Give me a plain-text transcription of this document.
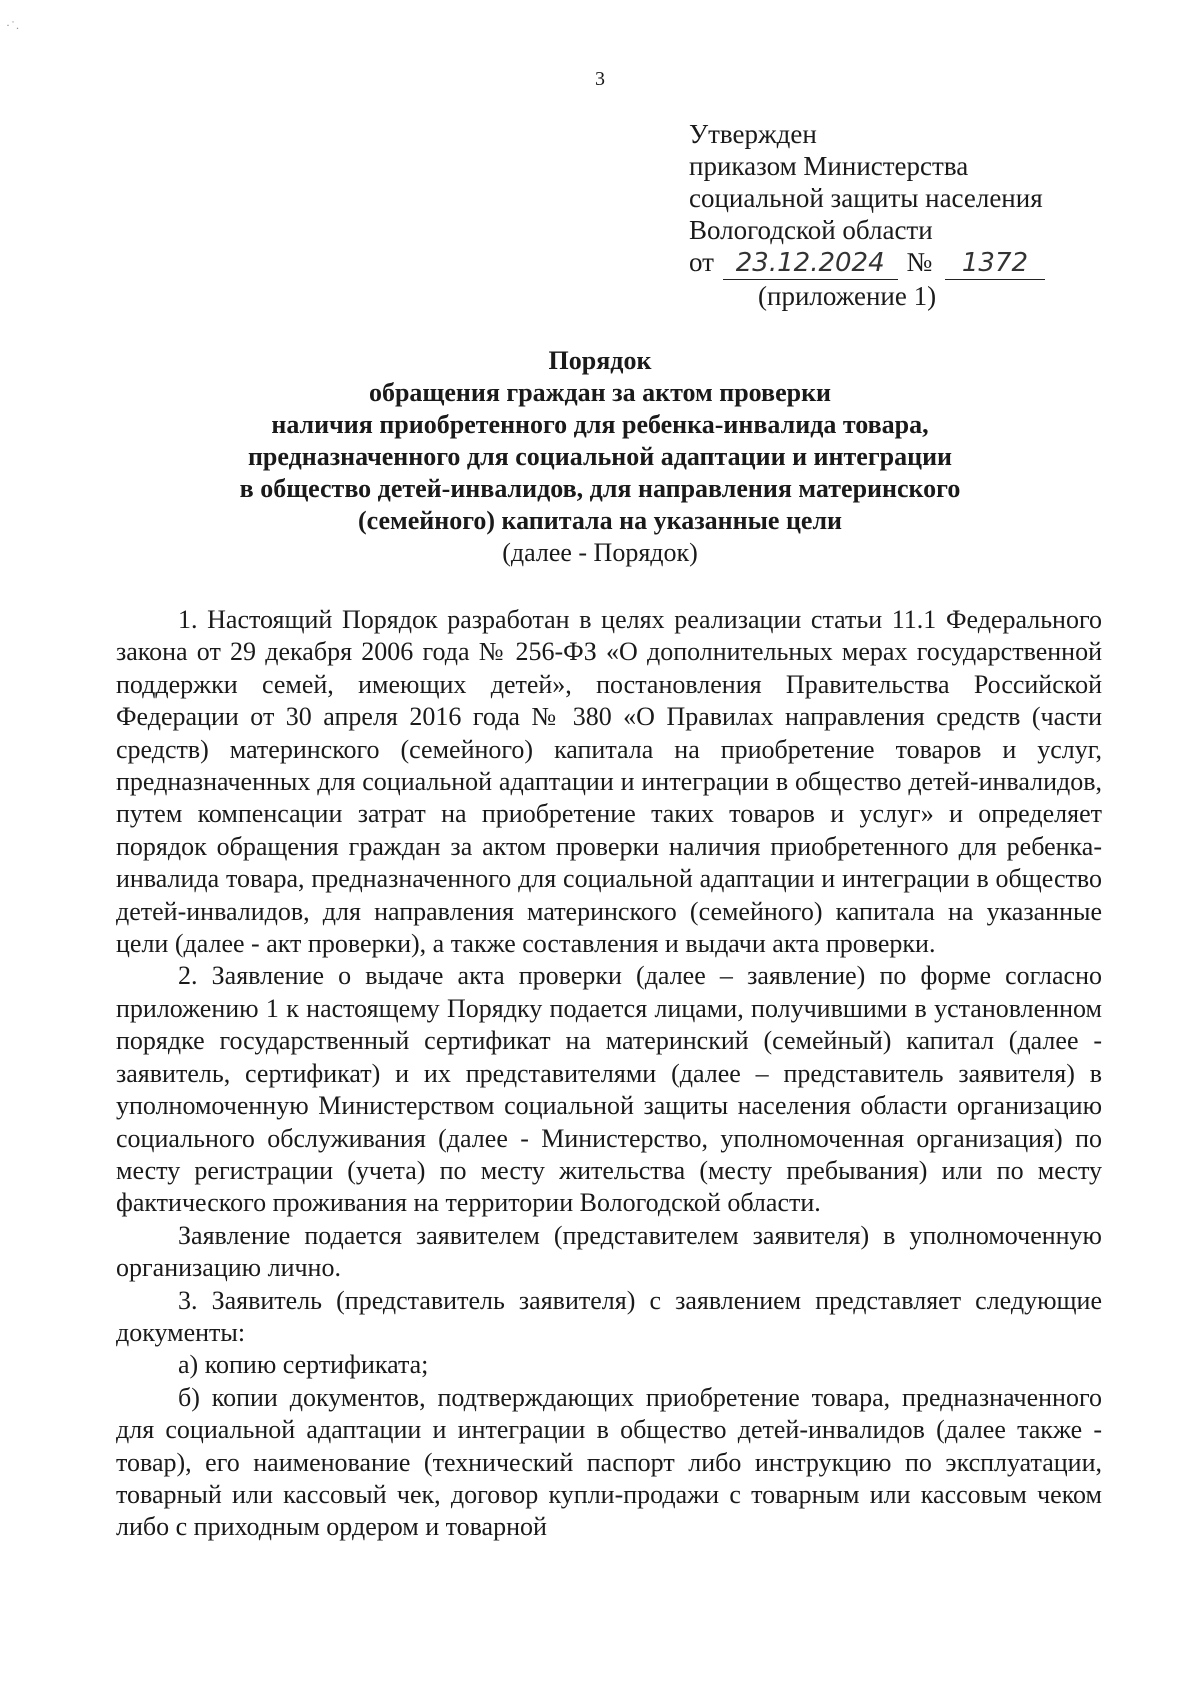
·˙.
3
Утвержден
приказом Министерства
социальной защиты населения
Вологодской области
от 23.12.2024 № 1372
(приложение 1)
Порядок
обращения граждан за актом проверки
наличия приобретенного для ребенка-инвалида товара,
предназначенного для социальной адаптации и интеграции
в общество детей-инвалидов, для направления материнского
(семейного) капитала на указанные цели
(далее - Порядок)

1. Настоящий Порядок разработан в целях реализации статьи 11.1 Федерального закона от 29 декабря 2006 года № 256-ФЗ «О дополнительных мерах государственной поддержки семей, имеющих детей», постановления Правительства Российской Федерации от 30 апреля 2016 года № 380 «О Правилах направления средств (части средств) материнского (семейного) капитала на приобретение товаров и услуг, предназначенных для социальной адаптации и интеграции в общество детей-инвалидов, путем компенсации затрат на приобретение таких товаров и услуг» и определяет порядок обращения граждан за актом проверки наличия приобретенного для ребенка-инвалида товара, предназначенного для социальной адаптации и интеграции в общество детей-инвалидов, для направления материнского (семейного) капитала на указанные цели (далее - акт проверки), а также составления и выдачи акта проверки.

2. Заявление о выдаче акта проверки (далее – заявление) по форме согласно приложению 1 к настоящему Порядку подается лицами, получившими в установленном порядке государственный сертификат на материнский (семейный) капитал (далее - заявитель, сертификат) и их представителями (далее – представитель заявителя) в уполномоченную Министерством социальной защиты населения области организацию социального обслуживания (далее - Министерство, уполномоченная организация) по месту регистрации (учета) по месту жительства (месту пребывания) или по месту фактического проживания на территории Вологодской области.

Заявление подается заявителем (представителем заявителя) в уполномоченную организацию лично.

3. Заявитель (представитель заявителя) с заявлением представляет следующие документы:

а) копию сертификата;

б) копии документов, подтверждающих приобретение товара, предназначенного для социальной адаптации и интеграции в общество детей-инвалидов (далее также - товар), его наименование (технический паспорт либо инструкцию по эксплуатации, товарный или кассовый чек, договор купли-продажи с товарным или кассовым чеком либо с приходным ордером и товарной
